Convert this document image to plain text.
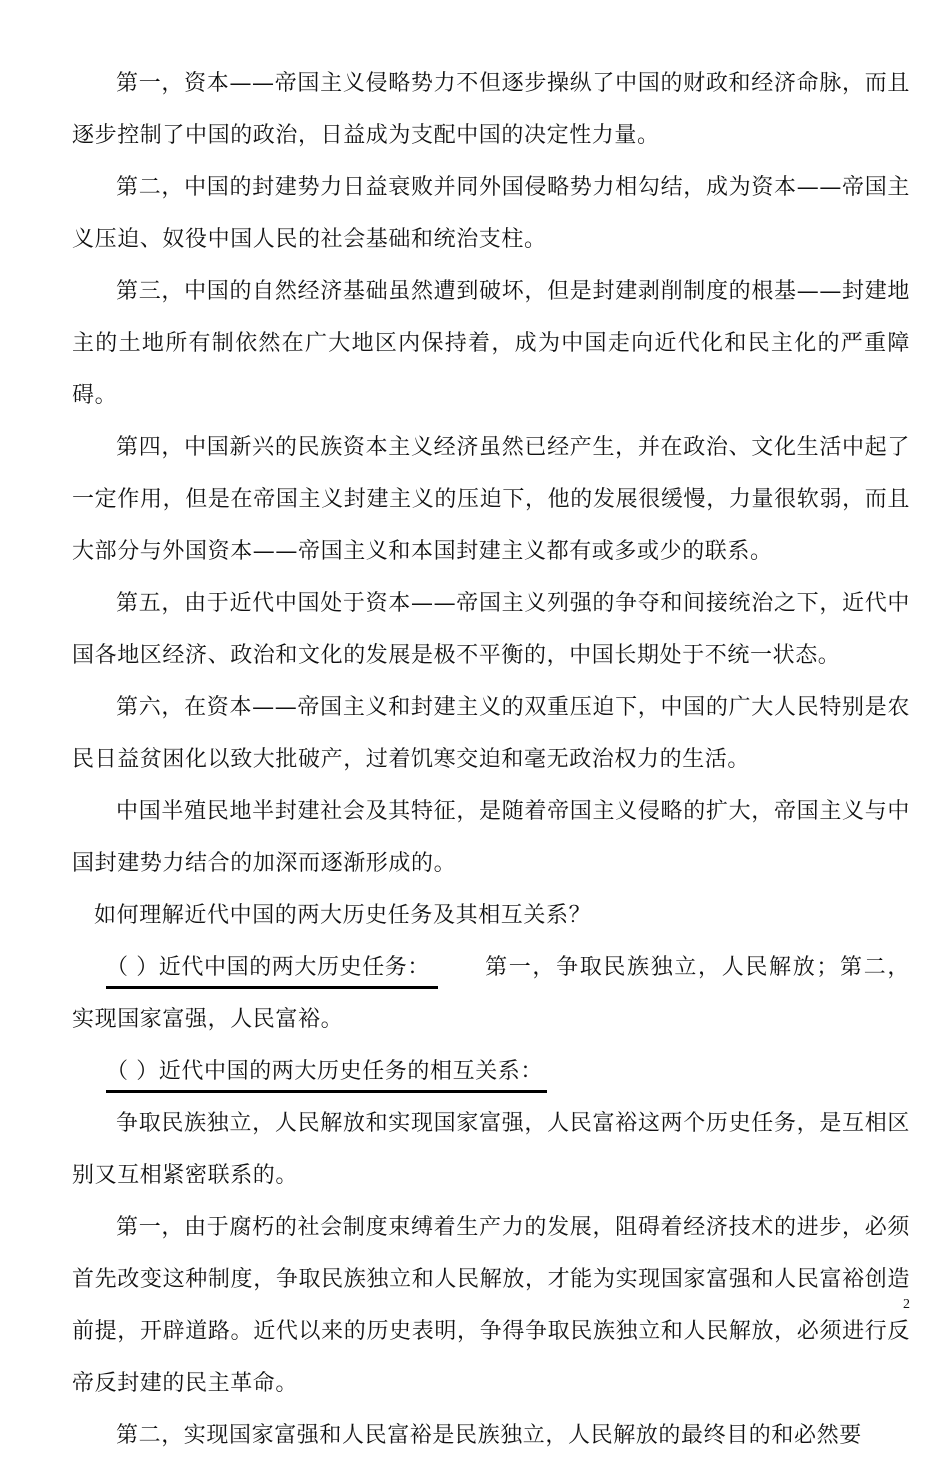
第一，资本——帝国主义侵略势力不但逐步操纵了中国的财政和经济命脉，而且逐步控制了中国的政治，日益成为支配中国的决定性力量。

第二，中国的封建势力日益衰败并同外国侵略势力相勾结，成为资本——帝国主义压迫、奴役中国人民的社会基础和统治支柱。

第三，中国的自然经济基础虽然遭到破坏，但是封建剥削制度的根基——封建地主的土地所有制依然在广大地区内保持着，成为中国走向近代化和民主化的严重障碍。

第四，中国新兴的民族资本主义经济虽然已经产生，并在政治、文化生活中起了一定作用，但是在帝国主义封建主义的压迫下，他的发展很缓慢，力量很软弱，而且大部分与外国资本——帝国主义和本国封建主义都有或多或少的联系。

第五，由于近代中国处于资本——帝国主义列强的争夺和间接统治之下，近代中国各地区经济、政治和文化的发展是极不平衡的，中国长期处于不统一状态。

第六，在资本——帝国主义和封建主义的双重压迫下，中国的广大人民特别是农民日益贫困化以致大批破产，过着饥寒交迫和毫无政治权力的生活。

中国半殖民地半封建社会及其特征，是随着帝国主义侵略的扩大，帝国主义与中国封建势力结合的加深而逐渐形成的。

如何理解近代中国的两大历史任务及其相互关系？

（ ）近代中国的两大历史任务： 第一，争取民族独立，人民解放；第二，实现国家富强，人民富裕。

（ ）近代中国的两大历史任务的相互关系：

争取民族独立，人民解放和实现国家富强，人民富裕这两个历史任务，是互相区别又互相紧密联系的。

第一，由于腐朽的社会制度束缚着生产力的发展，阻碍着经济技术的进步，必须首先改变这种制度，争取民族独立和人民解放，才能为实现国家富强和人民富裕创造前提，开辟道路。近代以来的历史表明，争得争取民族独立和人民解放，必须进行反帝反封建的民主革命。

第二，实现国家富强和人民富裕是民族独立，人民解放的最终目的和必然要

2
